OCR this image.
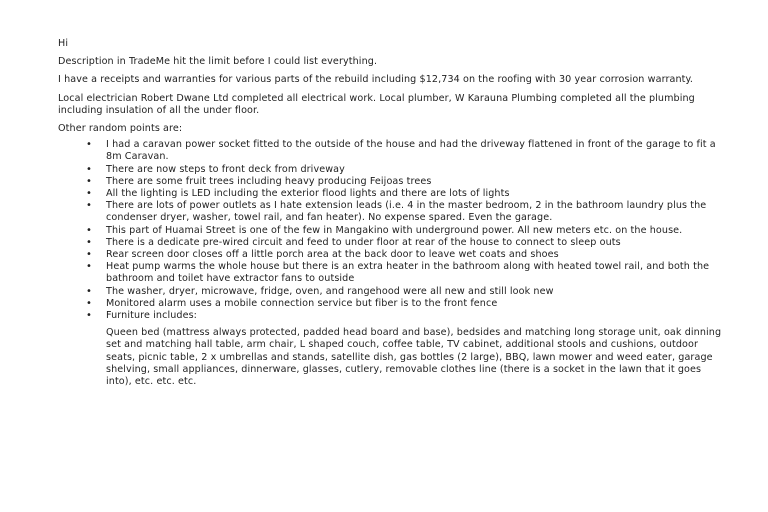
Hi

Description in TradeMe hit the limit before I could list everything.

I have a receipts and warranties for various parts of the rebuild including $12,734 on the roofing with 30 year corrosion warranty.

Local electrician Robert Dwane Ltd completed all electrical work. Local plumber, W Karauna Plumbing completed all the plumbing including insulation of all the under floor.

Other random points are:

• I had a caravan power socket fitted to the outside of the house and had the driveway flattened in front of the garage to fit a 8m Caravan.
• There are now steps to front deck from driveway
• There are some fruit trees including heavy producing Feijoas trees
• All the lighting is LED including the exterior flood lights and there are lots of lights
• There are lots of power outlets as I hate extension leads (i.e. 4 in the master bedroom, 2 in the bathroom laundry plus the condenser dryer, washer, towel rail, and fan heater). No expense spared. Even the garage.
• This part of Huamai Street is one of the few in Mangakino with underground power. All new meters etc. on the house.
• There is a dedicate pre-wired circuit and feed to under floor at rear of the house to connect to sleep outs
• Rear screen door closes off a little porch area at the back door to leave wet coats and shoes
• Heat pump warms the whole house but there is an extra heater in the bathroom along with heated towel rail, and both the bathroom and toilet have extractor fans to outside
• The washer, dryer, microwave, fridge, oven, and rangehood were all new and still look new
• Monitored alarm uses a mobile connection service but fiber is to the front fence
• Furniture includes:

Queen bed (mattress always protected, padded head board and base), bedsides and matching long storage unit, oak dinning set and matching hall table, arm chair, L shaped couch, coffee table, TV cabinet, additional stools and cushions, outdoor seats, picnic table, 2 x umbrellas and stands, satellite dish, gas bottles (2 large), BBQ, lawn mower and weed eater, garage shelving, small appliances, dinnerware, glasses, cutlery, removable clothes line (there is a socket in the lawn that it goes into), etc. etc. etc.
